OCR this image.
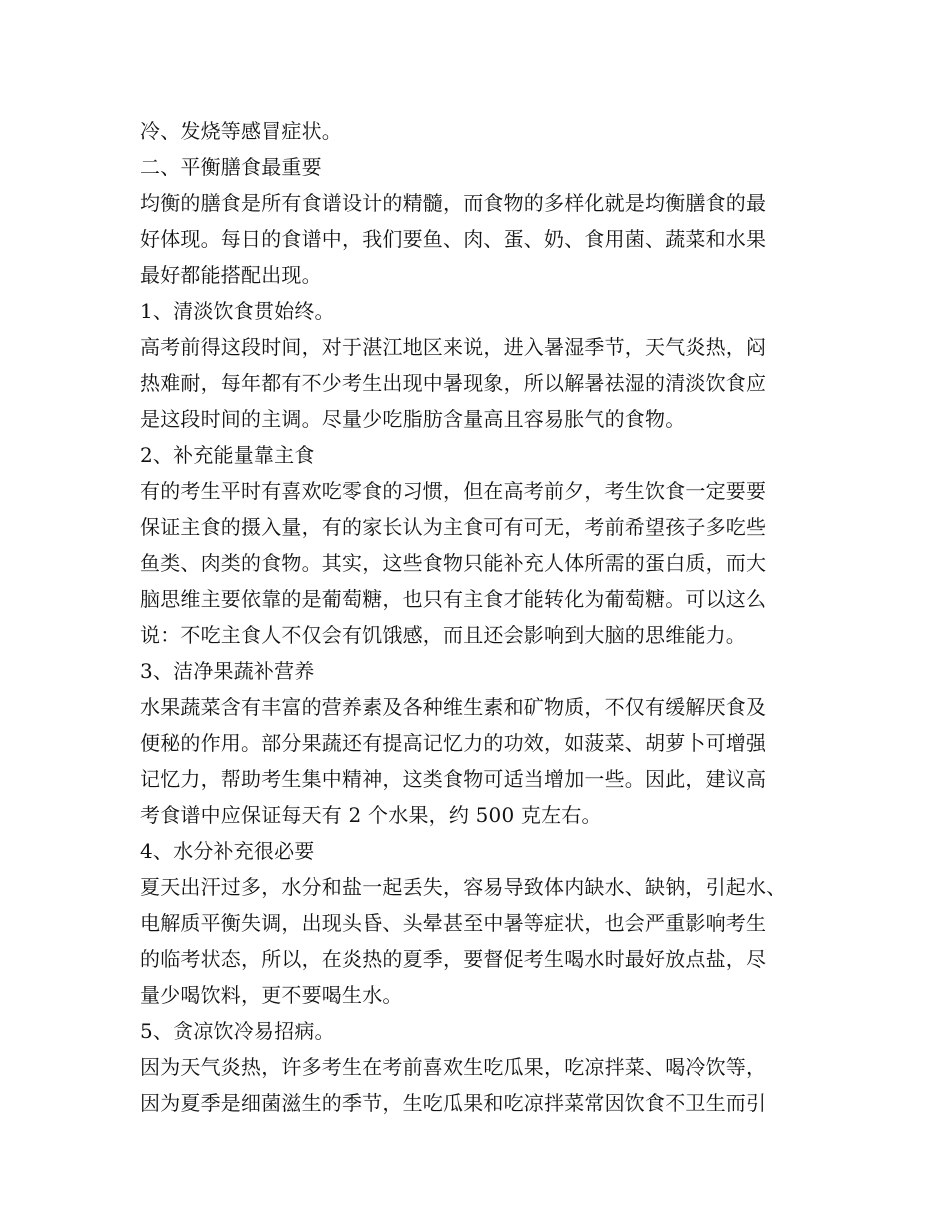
冷、发烧等感冒症状。
二、平衡膳食最重要
均衡的膳食是所有食谱设计的精髓，而食物的多样化就是均衡膳食的最
好体现。每日的食谱中，我们要鱼、肉、蛋、奶、食用菌、蔬菜和水果
最好都能搭配出现。
1、清淡饮食贯始终。
高考前得这段时间，对于湛江地区来说，进入暑湿季节，天气炎热，闷
热难耐，每年都有不少考生出现中暑现象，所以解暑祛湿的清淡饮食应
是这段时间的主调。尽量少吃脂肪含量高且容易胀气的食物。
2、补充能量靠主食
有的考生平时有喜欢吃零食的习惯，但在高考前夕，考生饮食一定要要
保证主食的摄入量，有的家长认为主食可有可无，考前希望孩子多吃些
鱼类、肉类的食物。其实，这些食物只能补充人体所需的蛋白质，而大
脑思维主要依靠的是葡萄糖，也只有主食才能转化为葡萄糖。可以这么
说：不吃主食人不仅会有饥饿感，而且还会影响到大脑的思维能力。
3、洁净果蔬补营养
水果蔬菜含有丰富的营养素及各种维生素和矿物质，不仅有缓解厌食及
便秘的作用。部分果蔬还有提高记忆力的功效，如菠菜、胡萝卜可增强
记忆力，帮助考生集中精神，这类食物可适当增加一些。因此，建议高
考食谱中应保证每天有 2 个水果，约 500 克左右。
4、水分补充很必要
夏天出汗过多，水分和盐一起丢失，容易导致体内缺水、缺钠，引起水、
电解质平衡失调，出现头昏、头晕甚至中暑等症状，也会严重影响考生
的临考状态，所以，在炎热的夏季，要督促考生喝水时最好放点盐，尽
量少喝饮料，更不要喝生水。
5、贪凉饮冷易招病。
因为天气炎热，许多考生在考前喜欢生吃瓜果，吃凉拌菜、喝冷饮等，
因为夏季是细菌滋生的季节，生吃瓜果和吃凉拌菜常因饮食不卫生而引
